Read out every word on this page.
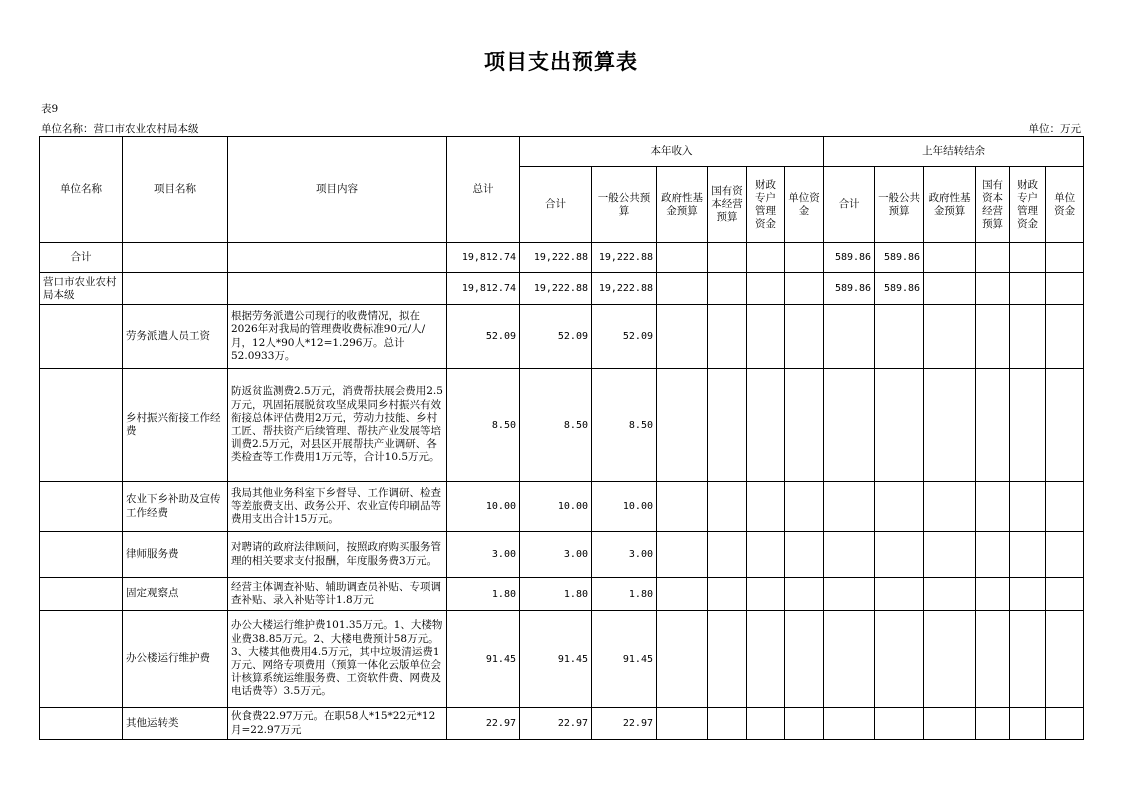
项目支出预算表
表9
单位名称：营口市农业农村局本级	单位：万元
单位名称	项目名称	项目内容	总计	本年收入						上年结转结余					
				合计	一般公共预算	政府性基金预算	国有资本经营预算	财政专户管理资金	单位资金	合计	一般公共预算	政府性基金预算	国有资本经营预算	财政专户管理资金	单位资金
合计			19,812.74	19,222.88	19,222.88					589.86	589.86				
营口市农业农村局本级			19,812.74	19,222.88	19,222.88					589.86	589.86				
	劳务派遣人员工资	根据劳务派遣公司现行的收费情况，拟在2026年对我局的管理费收费标准90元/人/月，12人*90人*12=1.296万。总计52.0933万。	52.09	52.09	52.09										
	乡村振兴衔接工作经费	防返贫监测费2.5万元，消费帮扶展会费用2.5万元，巩固拓展脱贫攻坚成果同乡村振兴有效衔接总体评估费用2万元，劳动力技能、乡村工匠、帮扶资产后续管理、帮扶产业发展等培训费2.5万元，对县区开展帮扶产业调研、各类检查等工作费用1万元等，合计10.5万元。	8.50	8.50	8.50										
	农业下乡补助及宣传工作经费	我局其他业务科室下乡督导、工作调研、检查等差旅费支出、政务公开、农业宣传印刷品等费用支出合计15万元。	10.00	10.00	10.00										
	律师服务费	对聘请的政府法律顾问，按照政府购买服务管理的相关要求支付报酬，年度服务费3万元。	3.00	3.00	3.00										
	固定观察点	经营主体调查补贴、辅助调查员补贴、专项调查补贴、录入补贴等计1.8万元	1.80	1.80	1.80										
	办公楼运行维护费	办公大楼运行维护费101.35万元。1、大楼物业费38.85万元。2、大楼电费预计58万元。3、大楼其他费用4.5万元，其中垃圾清运费1万元、网络专项费用（预算一体化云版单位会计核算系统运维服务费、工资软件费、网费及电话费等）3.5万元。	91.45	91.45	91.45										
	其他运转类	伙食费22.97万元。在职58人*15*22元*12月=22.97万元	22.97	22.97	22.97										
